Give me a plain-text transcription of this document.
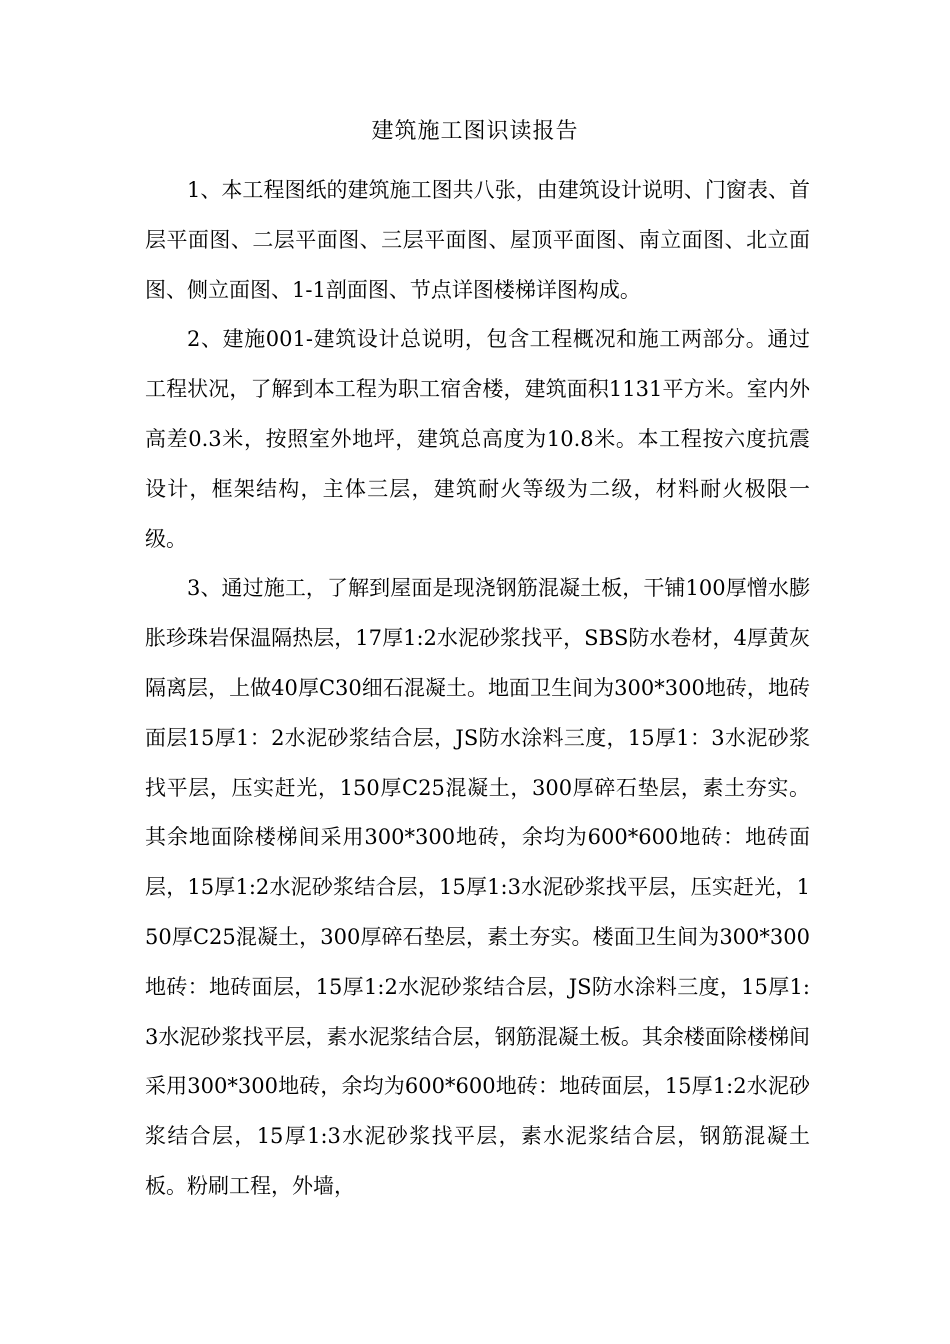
建筑施工图识读报告

1、本工程图纸的建筑施工图共八张，由建筑设计说明、门窗表、首层平面图、二层平面图、三层平面图、屋顶平面图、南立面图、北立面图、侧立面图、1-1剖面图、节点详图楼梯详图构成。

2、建施001-建筑设计总说明，包含工程概况和施工两部分。通过工程状况，了解到本工程为职工宿舍楼，建筑面积1131平方米。室内外高差0.3米，按照室外地坪，建筑总高度为10.8米。本工程按六度抗震设计，框架结构，主体三层，建筑耐火等级为二级，材料耐火极限一级。

3、通过施工，了解到屋面是现浇钢筋混凝土板，干铺100厚憎水膨胀珍珠岩保温隔热层，17厚1:2水泥砂浆找平，SBS防水卷材，4厚黄灰隔离层，上做40厚C30细石混凝土。地面卫生间为300*300地砖，地砖面层15厚1：2水泥砂浆结合层，JS防水涂料三度，15厚1：3水泥砂浆找平层，压实赶光，150厚C25混凝土，300厚碎石垫层，素土夯实。其余地面除楼梯间采用300*300地砖，余均为600*600地砖：地砖面层，15厚1:2水泥砂浆结合层，15厚1:3水泥砂浆找平层，压实赶光，150厚C25混凝土，300厚碎石垫层，素土夯实。楼面卫生间为300*300地砖：地砖面层，15厚1:2水泥砂浆结合层，JS防水涂料三度，15厚1:3水泥砂浆找平层，素水泥浆结合层，钢筋混凝土板。其余楼面除楼梯间采用300*300地砖，余均为600*600地砖：地砖面层，15厚1:2水泥砂浆结合层，15厚1:3水泥砂浆找平层，素水泥浆结合层，钢筋混凝土板。粉刷工程，外墙，
